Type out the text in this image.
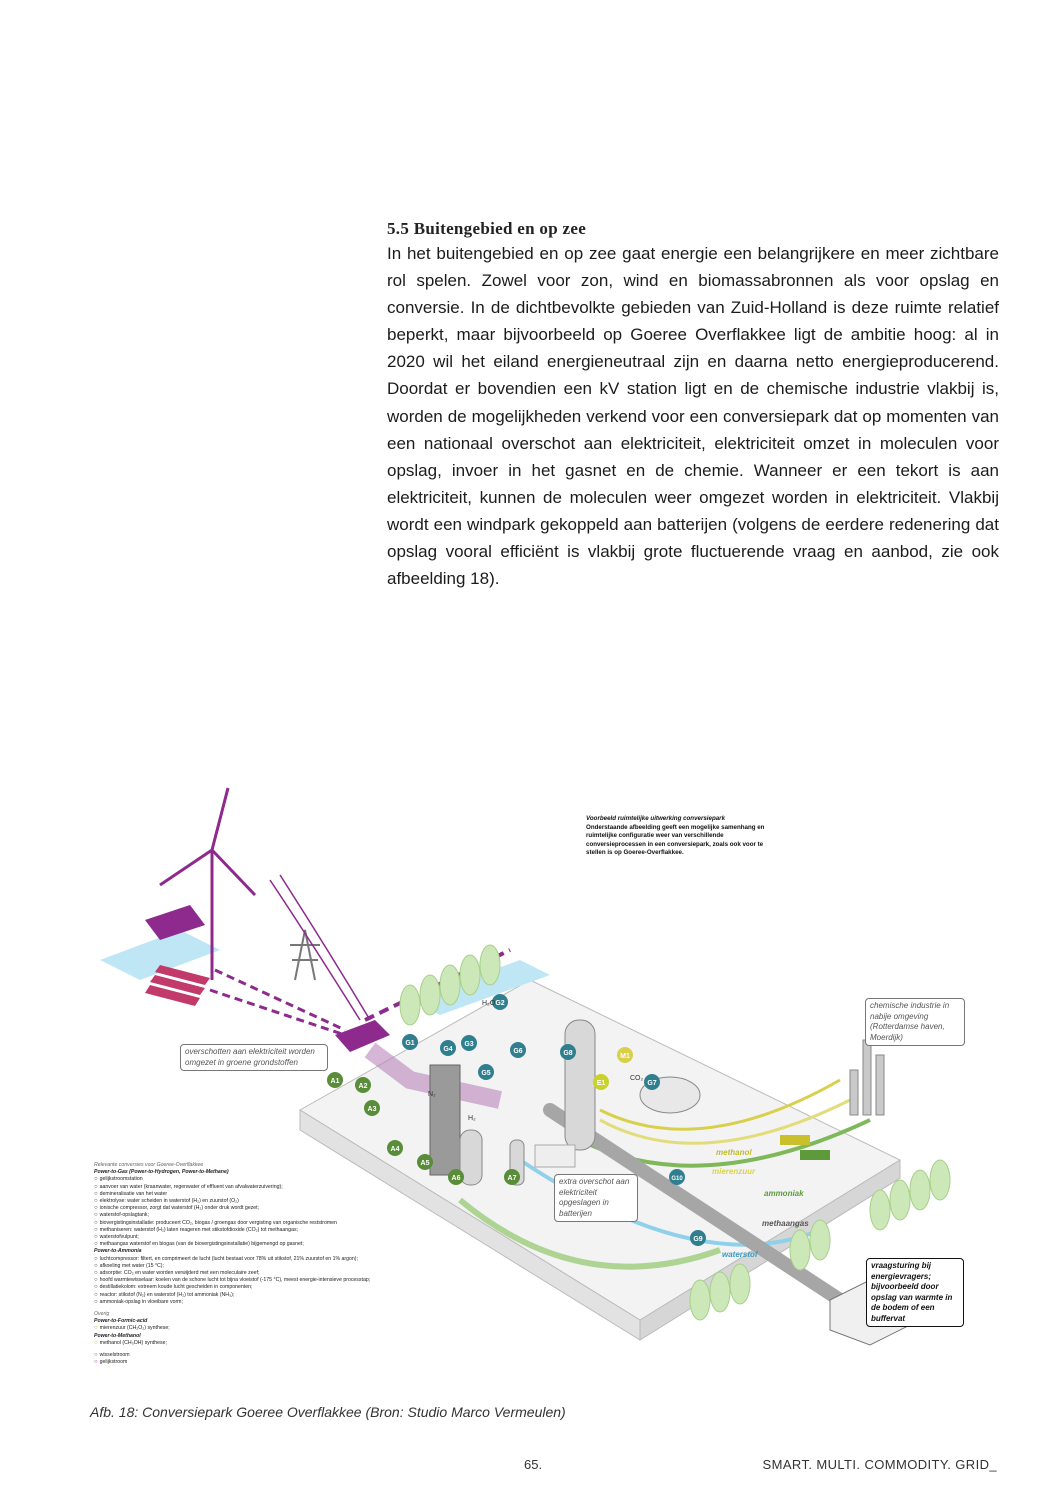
5.5 Buitengebied en op zee

In het buitengebied en op zee gaat energie een belangrijkere en meer zichtbare rol spelen. Zowel voor zon, wind en biomassabronnen als voor opslag en conversie. In de dichtbevolkte gebieden van Zuid-Holland is deze ruimte relatief beperkt, maar bijvoorbeeld op Goeree Overflakkee ligt de ambitie hoog: al in 2020 wil het eiland energieneutraal zijn en daarna netto energieproducerend. Doordat er bovendien een kV station ligt en de chemische industrie vlakbij is, worden de mogelijkheden verkend voor een conversiepark dat op momenten van een nationaal overschot aan elektriciteit, elektriciteit omzet in moleculen voor opslag, invoer in het gasnet en de chemie. Wanneer er een tekort is aan elektriciteit, kunnen de moleculen weer omgezet worden in elektriciteit. Vlakbij wordt een windpark gekoppeld aan batterijen (volgens de eerdere redenering dat opslag vooral efficiënt is vlakbij grote fluctuerende vraag en aanbod, zie ook afbeelding 18).

A1
A2
A3
A4
A5
A6	A7
G1
G2
G3
G4
G5
G6
G7
G8
G9
G10
M1
E1
H₂O
H₂
CO₂
N₂
Voorbeeld ruimtelijke uitwerking conversiepark
Onderstaande afbeelding geeft een mogelijke samenhang en ruimtelijke configuratie weer van verschillende conversieprocessen in een conversiepark, zoals ook voor te stellen is op Goeree-Overflakkee.
overschotten aan elektriciteit worden omgezet in groene grondstoffen
chemische industrie in nabije omgeving (Rotterdamse haven, Moerdijk)
extra overschot aan elektriciteit opgeslagen in batterijen
vraagsturing bij energievragers; bijvoorbeeld door opslag van warmte in de bodem of een buffervat
methanol
mierenzuur
ammoniak
methaangas
waterstof
Relevante conversies voor Goeree-Overflakkee
Power-to-Gas (Power-to-Hydrogen, Power-to-Methane)
○ gelijkstroomstation
○ aanvoer van water (kraanwater, regenwater of effluent van afvalwaterzuivering);
○ demineralisatie van het water
○ elektrolyse: water scheiden in waterstof (H₂) en zuurstof (O₂)
○ ionische compressor, zorgt dat waterstof (H₂) onder druk wordt gezet;
○ waterstof-opslagtank;
○ biovergistingsinstallatie: produceert CO₂, biogas / groengas door vergisting van organische reststromen
○ methaniseren: waterstof (H₂) laten reageren met stikstofdioxide (CO₂) tot methaangas;
○ waterstofvulpunt;
○ methaangas waterstof en biogas (van de biovergistingsinstallatie) bijgemengd op gasnet;
Power-to-Ammonia
○ luchtcompressor: filtert, en comprimeert de lucht (lucht bestaat voor 78% uit stikstof, 21% zuurstof en 1% argon);
○ afkoeling met water (15 °C);
○ adsorptie: CO₂ en water worden verwijderd met een moleculaire zeef;
○ hoofd warmtewisselaar: koelen van de schone lucht tot bijna vloeistof (-175 °C), meest energie-intensieve processtap;
○ destillatiekolom: extreem koude lucht gescheiden in componenten;
○ reactor: stikstof (N₂) en waterstof (H₂) tot ammoniak (NH₃);
○ ammoniak-opslag in vloeibare vorm;
Overig
Power-to-Formic-acid
○ mierenzuur (CH₂O₂) synthese;
Power-to-Methanol
○ methanol (CH₃OH) synthese;
○ wisselstroom
○ gelijkstroom
Afb. 18: Conversiepark Goeree Overflakkee (Bron: Studio Marco Vermeulen)
65.	SMART. MULTI. COMMODITY. GRID_
